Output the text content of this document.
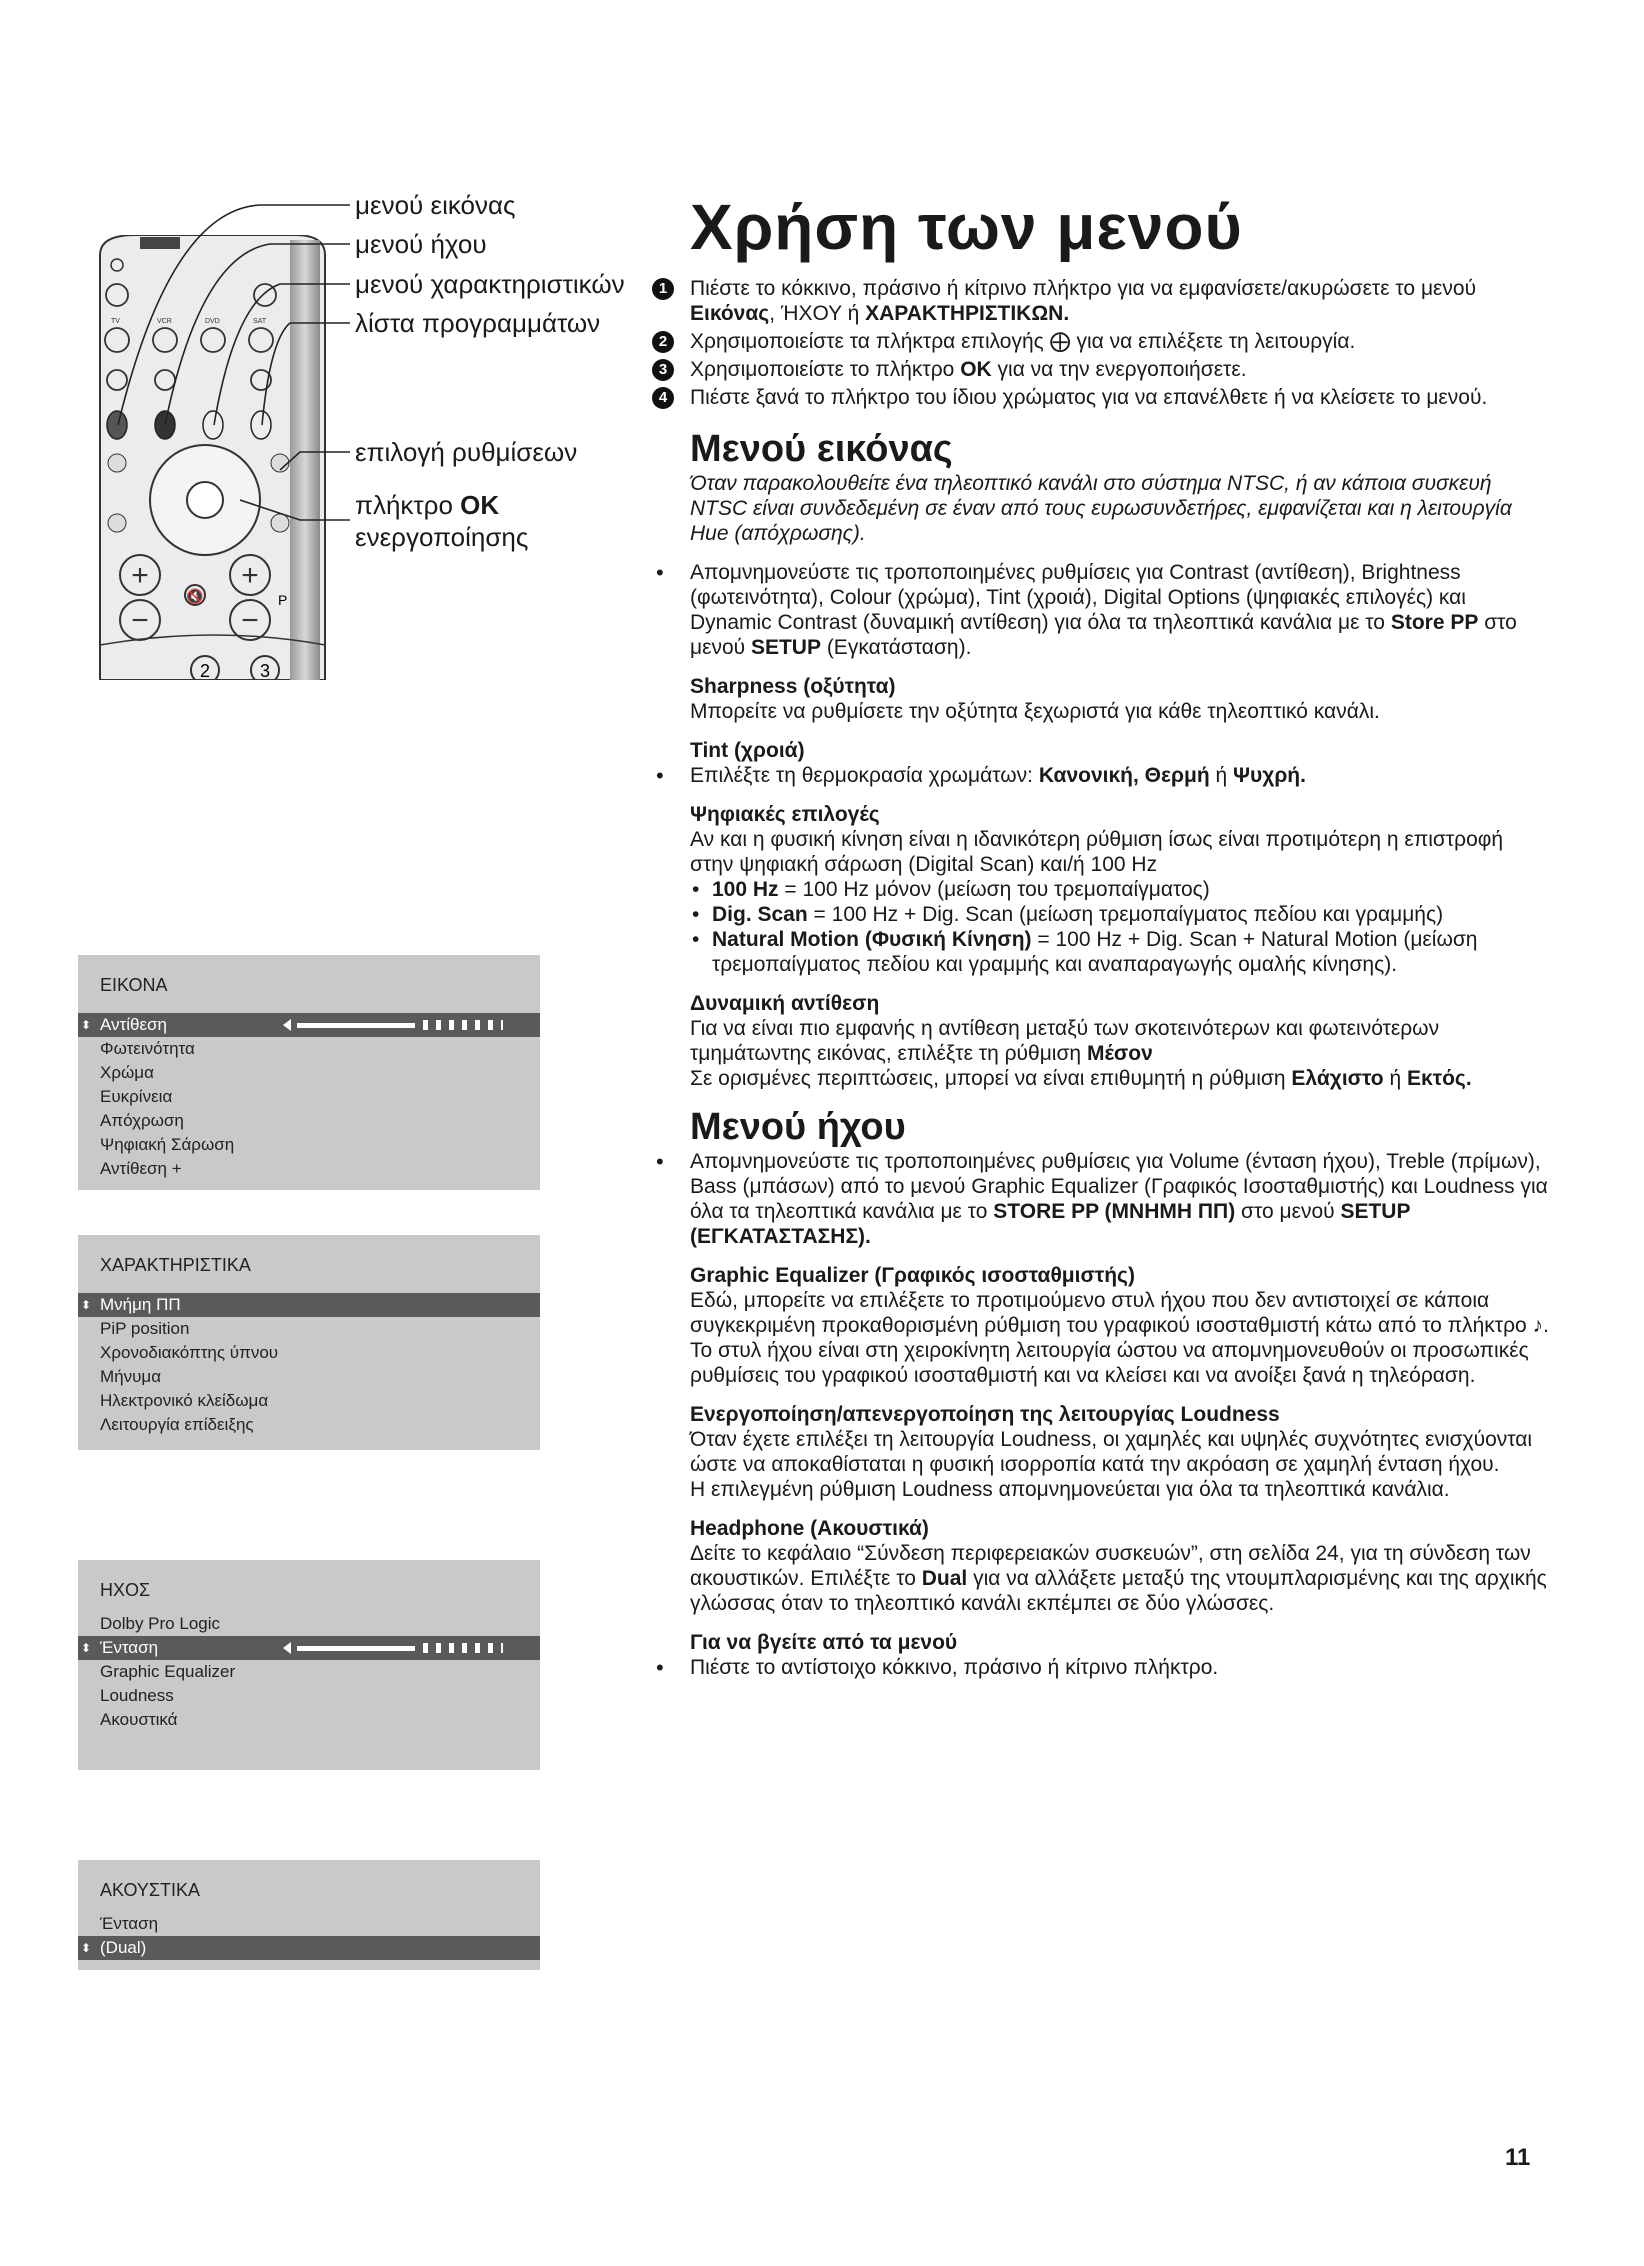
TV	VCR	DVD	SAT
+	+
−	−
🔇	P
2	3
μενού εικόνας
μενού ήχου
μενού χαρακτηριστικών
λίστα προγραμμάτων
επιλογή ρυθμίσεων
πλήκτρο OK
ενεργοποίησης
ΕΙΚΟΝΑ
⬍ Αντίθεση
Φωτεινότητα
Χρώμα
Ευκρίνεια
Απόχρωση
Ψηφιακή Σάρωση
Αντίθεση +
ΧΑΡΑΚΤΗΡΙΣΤΙΚΑ
⬍ Μνήμη ΠΠ
PiP position
Χρονοδιακόπτης ύπνου
Μήνυμα
Ηλεκτρονικό κλείδωμα
Λειτουργία επίδειξης
ΗΧΟΣ
Dolby Pro Logic
⬍ Ένταση
Graphic Equalizer
Loudness
Ακουστικά
ΑΚΟΥΣΤΙΚΑ
Ένταση
⬍ (Dual)
Χρήση των μενού
1	Πιέστε το κόκκινο, πράσινο ή κίτρινο πλήκτρο για να εμφανίσετε/ακυρώσετε το μενού Εικόνας, ΉΧΟΥ ή ΧΑΡΑΚΤΗΡΙΣΤΙΚΩΝ.
2	Χρησιμοποιείστε τα πλήκτρα επιλογής ⨁ για να επιλέξετε τη λειτουργία.
3	Χρησιμοποιείστε το πλήκτρο OK για να την ενεργοποιήσετε.
4	Πιέστε ξανά το πλήκτρο του ίδιου χρώματος για να επανέλθετε ή να κλείσετε το μενού.
Μενού εικόνας
Όταν παρακολουθείτε ένα τηλεοπτικό κανάλι στο σύστημα NTSC, ή αν κάποια συσκευή NTSC είναι συνδεδεμένη σε έναν από τους ευρωσυνδετήρες, εμφανίζεται και η λειτουργία Hue (απόχρωσης).
• Απομνημονεύστε τις τροποποιημένες ρυθμίσεις για Contrast (αντίθεση), Brightness (φωτεινότητα), Colour (χρώμα), Tint (χροιά), Digital Options (ψηφιακές επιλογές) και Dynamic Contrast (δυναμική αντίθεση) για όλα τα τηλεοπτικά κανάλια με το Store PP στο μενού SETUP (Εγκατάσταση).
Sharpness (οξύτητα)
Μπορείτε να ρυθμίσετε την οξύτητα ξεχωριστά για κάθε τηλεοπτικό κανάλι.
Tint (χροιά)
• Επιλέξτε τη θερμοκρασία χρωμάτων: Κανονική, Θερμή ή Ψυχρή.
Ψηφιακές επιλογές
Αν και η φυσική κίνηση είναι η ιδανικότερη ρύθμιση ίσως είναι προτιμότερη η επιστροφή στην ψηφιακή σάρωση (Digital Scan) και/ή 100 Hz
• 100 Hz = 100 Hz μόνον (μείωση του τρεμοπαίγματος)
• Dig. Scan = 100 Hz + Dig. Scan (μείωση τρεμοπαίγματος πεδίου και γραμμής)
• Natural Motion (Φυσική Κίνηση) = 100 Hz + Dig. Scan + Natural Motion (μείωση τρεμοπαίγματος πεδίου και γραμμής και αναπαραγωγής ομαλής κίνησης).
Δυναμική αντίθεση
Για να είναι πιο εμφανής η αντίθεση μεταξύ των σκοτεινότερων και φωτεινότερων τμημάτωντης εικόνας, επιλέξτε τη ρύθμιση Μέσον
Σε ορισμένες περιπτώσεις, μπορεί να είναι επιθυμητή η ρύθμιση Ελάχιστο ή Εκτός.
Μενού ήχου
• Απομνημονεύστε τις τροποποιημένες ρυθμίσεις για Volume (ένταση ήχου), Treble (πρίμων), Bass (μπάσων) από το μενού Graphic Equalizer (Γραφικός Ισοσταθμιστής) και Loudness για όλα τα τηλεοπτικά κανάλια με το STORE PP (ΜΝΗΜΗ ΠΠ) στο μενού SETUP (ΕΓΚΑΤΑΣΤΑΣΗΣ).
Graphic Equalizer (Γραφικός ισοσταθμιστής)
Εδώ, μπορείτε να επιλέξετε το προτιμούμενο στυλ ήχου που δεν αντιστοιχεί σε κάποια συγκεκριμένη προκαθορισμένη ρύθμιση του γραφικού ισοσταθμιστή κάτω από το πλήκτρο ♪. Το στυλ ήχου είναι στη χειροκίνητη λειτουργία ώστου να απομνημονευθούν οι προσωπικές ρυθμίσεις του γραφικού ισοσταθμιστή και να κλείσει και να ανοίξει ξανά η τηλεόραση.
Ενεργοποίηση/απενεργοποίηση της λειτουργίας Loudness
Όταν έχετε επιλέξει τη λειτουργία Loudness, οι χαμηλές και υψηλές συχνότητες ενισχύονται ώστε να αποκαθίσταται η φυσική ισορροπία κατά την ακρόαση σε χαμηλή ένταση ήχου.
Η επιλεγμένη ρύθμιση Loudness απομνημονεύεται για όλα τα τηλεοπτικά κανάλια.
Headphone (Ακουστικά)
Δείτε το κεφάλαιο “Σύνδεση περιφερειακών συσκευών”, στη σελίδα 24, για τη σύνδεση των ακουστικών. Επιλέξτε το Dual για να αλλάξετε μεταξύ της ντουμπλαρισμένης και της αρχικής γλώσσας όταν το τηλεοπτικό κανάλι εκπέμπει σε δύο γλώσσες.
Για να βγείτε από τα μενού
• Πιέστε το αντίστοιχο κόκκινο, πράσινο ή κίτρινο πλήκτρο.
11
